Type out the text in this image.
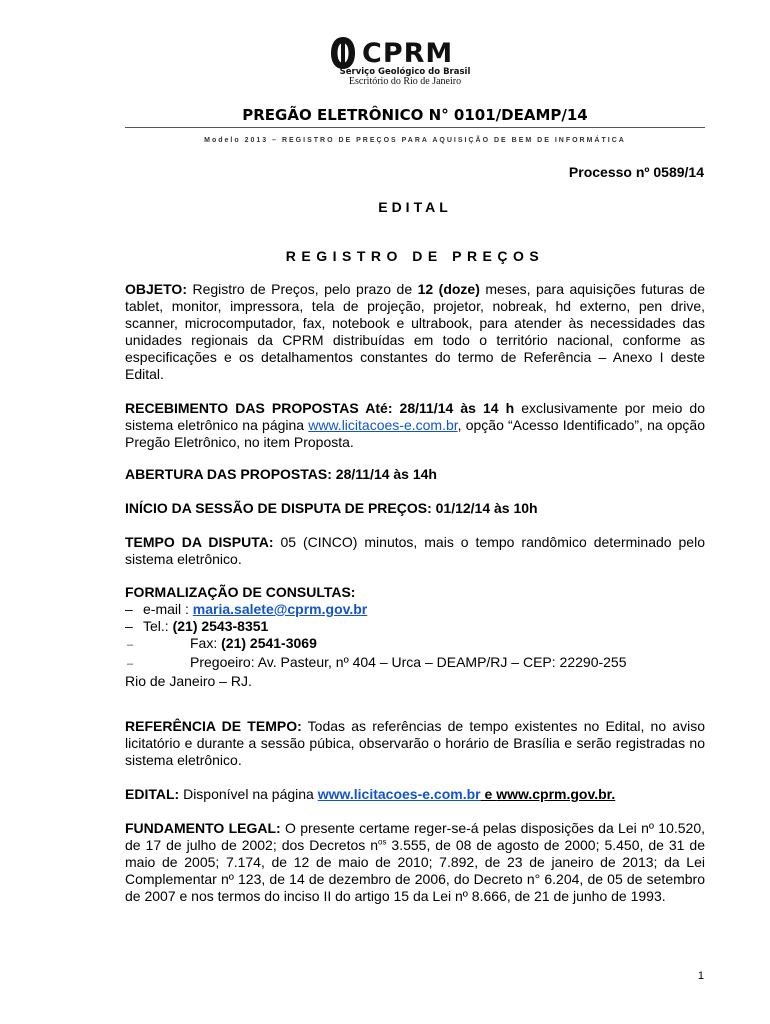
CPRM
Serviço Geológico do Brasil
Escritório do Rio de Janeiro
PREGÃO ELETRÔNICO N° 0101/DEAMP/14
Modelo 2013 – REGISTRO DE PREÇOS PARA AQUISIÇÃO DE BEM DE INFORMÁTICA
Processo nº 0589/14
EDITAL
REGISTRO DE PREÇOS

OBJETO: Registro de Preços, pelo prazo de 12 (doze) meses, para aquisições futuras de tablet, monitor, impressora, tela de projeção, projetor, nobreak, hd externo, pen drive, scanner, microcomputador, fax, notebook e ultrabook, para atender às necessidades das unidades regionais da CPRM distribuídas em todo o território nacional, conforme as especificações e os detalhamentos constantes do termo de Referência – Anexo I deste Edital.

RECEBIMENTO DAS PROPOSTAS Até: 28/11/14 às 14 h exclusivamente por meio do sistema eletrônico na página www.licitacoes-e.com.br, opção “Acesso Identificado”, na opção Pregão Eletrônico, no item Proposta.

ABERTURA DAS PROPOSTAS: 28/11/14 às 14h
INÍCIO DA SESSÃO DE DISPUTA DE PREÇOS: 01/12/14 às 10h

TEMPO DA DISPUTA: 05 (CINCO) minutos, mais o tempo randômico determinado pelo sistema eletrônico.

FORMALIZAÇÃO DE CONSULTAS:
– e-mail : maria.salete@cprm.gov.br
– Tel.: (21) 2543-8351
–	Fax: (21) 2541-3069
–	Pregoeiro: Av. Pasteur, nº 404 – Urca – DEAMP/RJ – CEP: 22290-255
Rio de Janeiro – RJ.

REFERÊNCIA DE TEMPO: Todas as referências de tempo existentes no Edital, no aviso licitatório e durante a sessão púbica, observarão o horário de Brasília e serão registradas no sistema eletrônico.

EDITAL: Disponível na página www.licitacoes-e.com.br e www.cprm.gov.br.

FUNDAMENTO LEGAL: O presente certame reger-se-á pelas disposições da Lei nº 10.520, de 17 de julho de 2002; dos Decretos $n^{os}$ 3.555, de 08 de agosto de 2000; 5.450, de 31 de maio de 2005; 7.174, de 12 de maio de 2010; 7.892, de 23 de janeiro de 2013; da Lei Complementar nº 123, de 14 de dezembro de 2006, do Decreto n° 6.204, de 05 de setembro de 2007 e nos termos do inciso II do artigo 15 da Lei nº 8.666, de 21 de junho de 1993.

1
